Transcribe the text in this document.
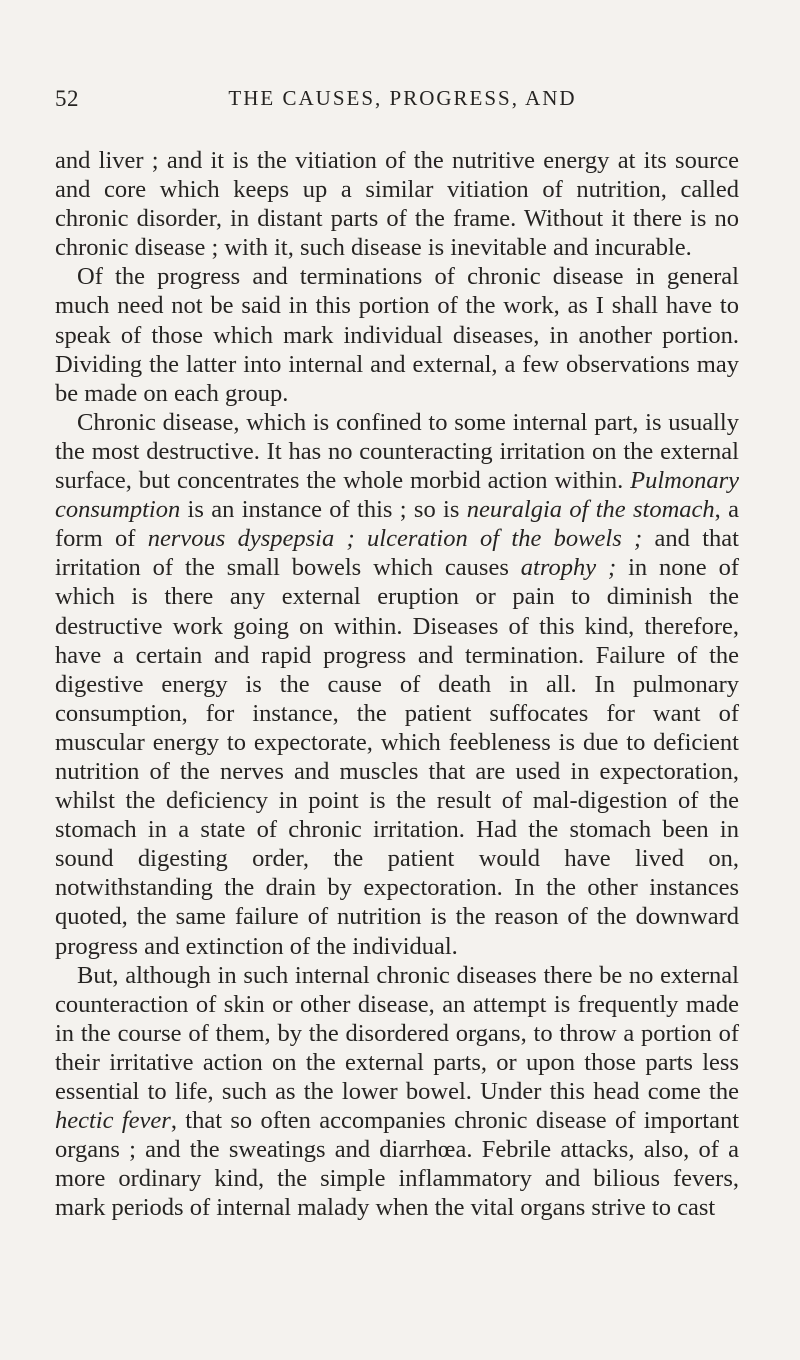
52	THE CAUSES, PROGRESS, AND

and liver ; and it is the vitiation of the nutritive energy at its source and core which keeps up a similar vitiation of nutrition, called chronic disorder, in distant parts of the frame. Without it there is no chronic disease ; with it, such disease is inevitable and incurable.

Of the progress and terminations of chronic disease in general much need not be said in this portion of the work, as I shall have to speak of those which mark individual diseases, in another portion. Dividing the latter into internal and external, a few observations may be made on each group.

Chronic disease, which is confined to some internal part, is usually the most destructive. It has no counteracting irritation on the external surface, but concentrates the whole morbid action within. Pulmonary consumption is an instance of this ; so is neuralgia of the stomach, a form of nervous dyspepsia ; ulceration of the bowels ; and that irritation of the small bowels which causes atrophy ; in none of which is there any external eruption or pain to diminish the destructive work going on within. Diseases of this kind, therefore, have a certain and rapid progress and termination. Failure of the digestive energy is the cause of death in all. In pulmonary consumption, for instance, the patient suffocates for want of muscular energy to expectorate, which feebleness is due to deficient nutrition of the nerves and muscles that are used in expectoration, whilst the deficiency in point is the result of mal-digestion of the stomach in a state of chronic irritation. Had the stomach been in sound digesting order, the patient would have lived on, notwithstanding the drain by expectoration. In the other instances quoted, the same failure of nutrition is the reason of the downward progress and extinction of the individual.

But, although in such internal chronic diseases there be no external counteraction of skin or other disease, an attempt is frequently made in the course of them, by the disordered organs, to throw a portion of their irritative action on the external parts, or upon those parts less essential to life, such as the lower bowel. Under this head come the hectic fever, that so often accompanies chronic disease of important organs ; and the sweatings and diarrhœa. Febrile attacks, also, of a more ordinary kind, the simple inflammatory and bilious fevers, mark periods of internal malady when the vital organs strive to cast
